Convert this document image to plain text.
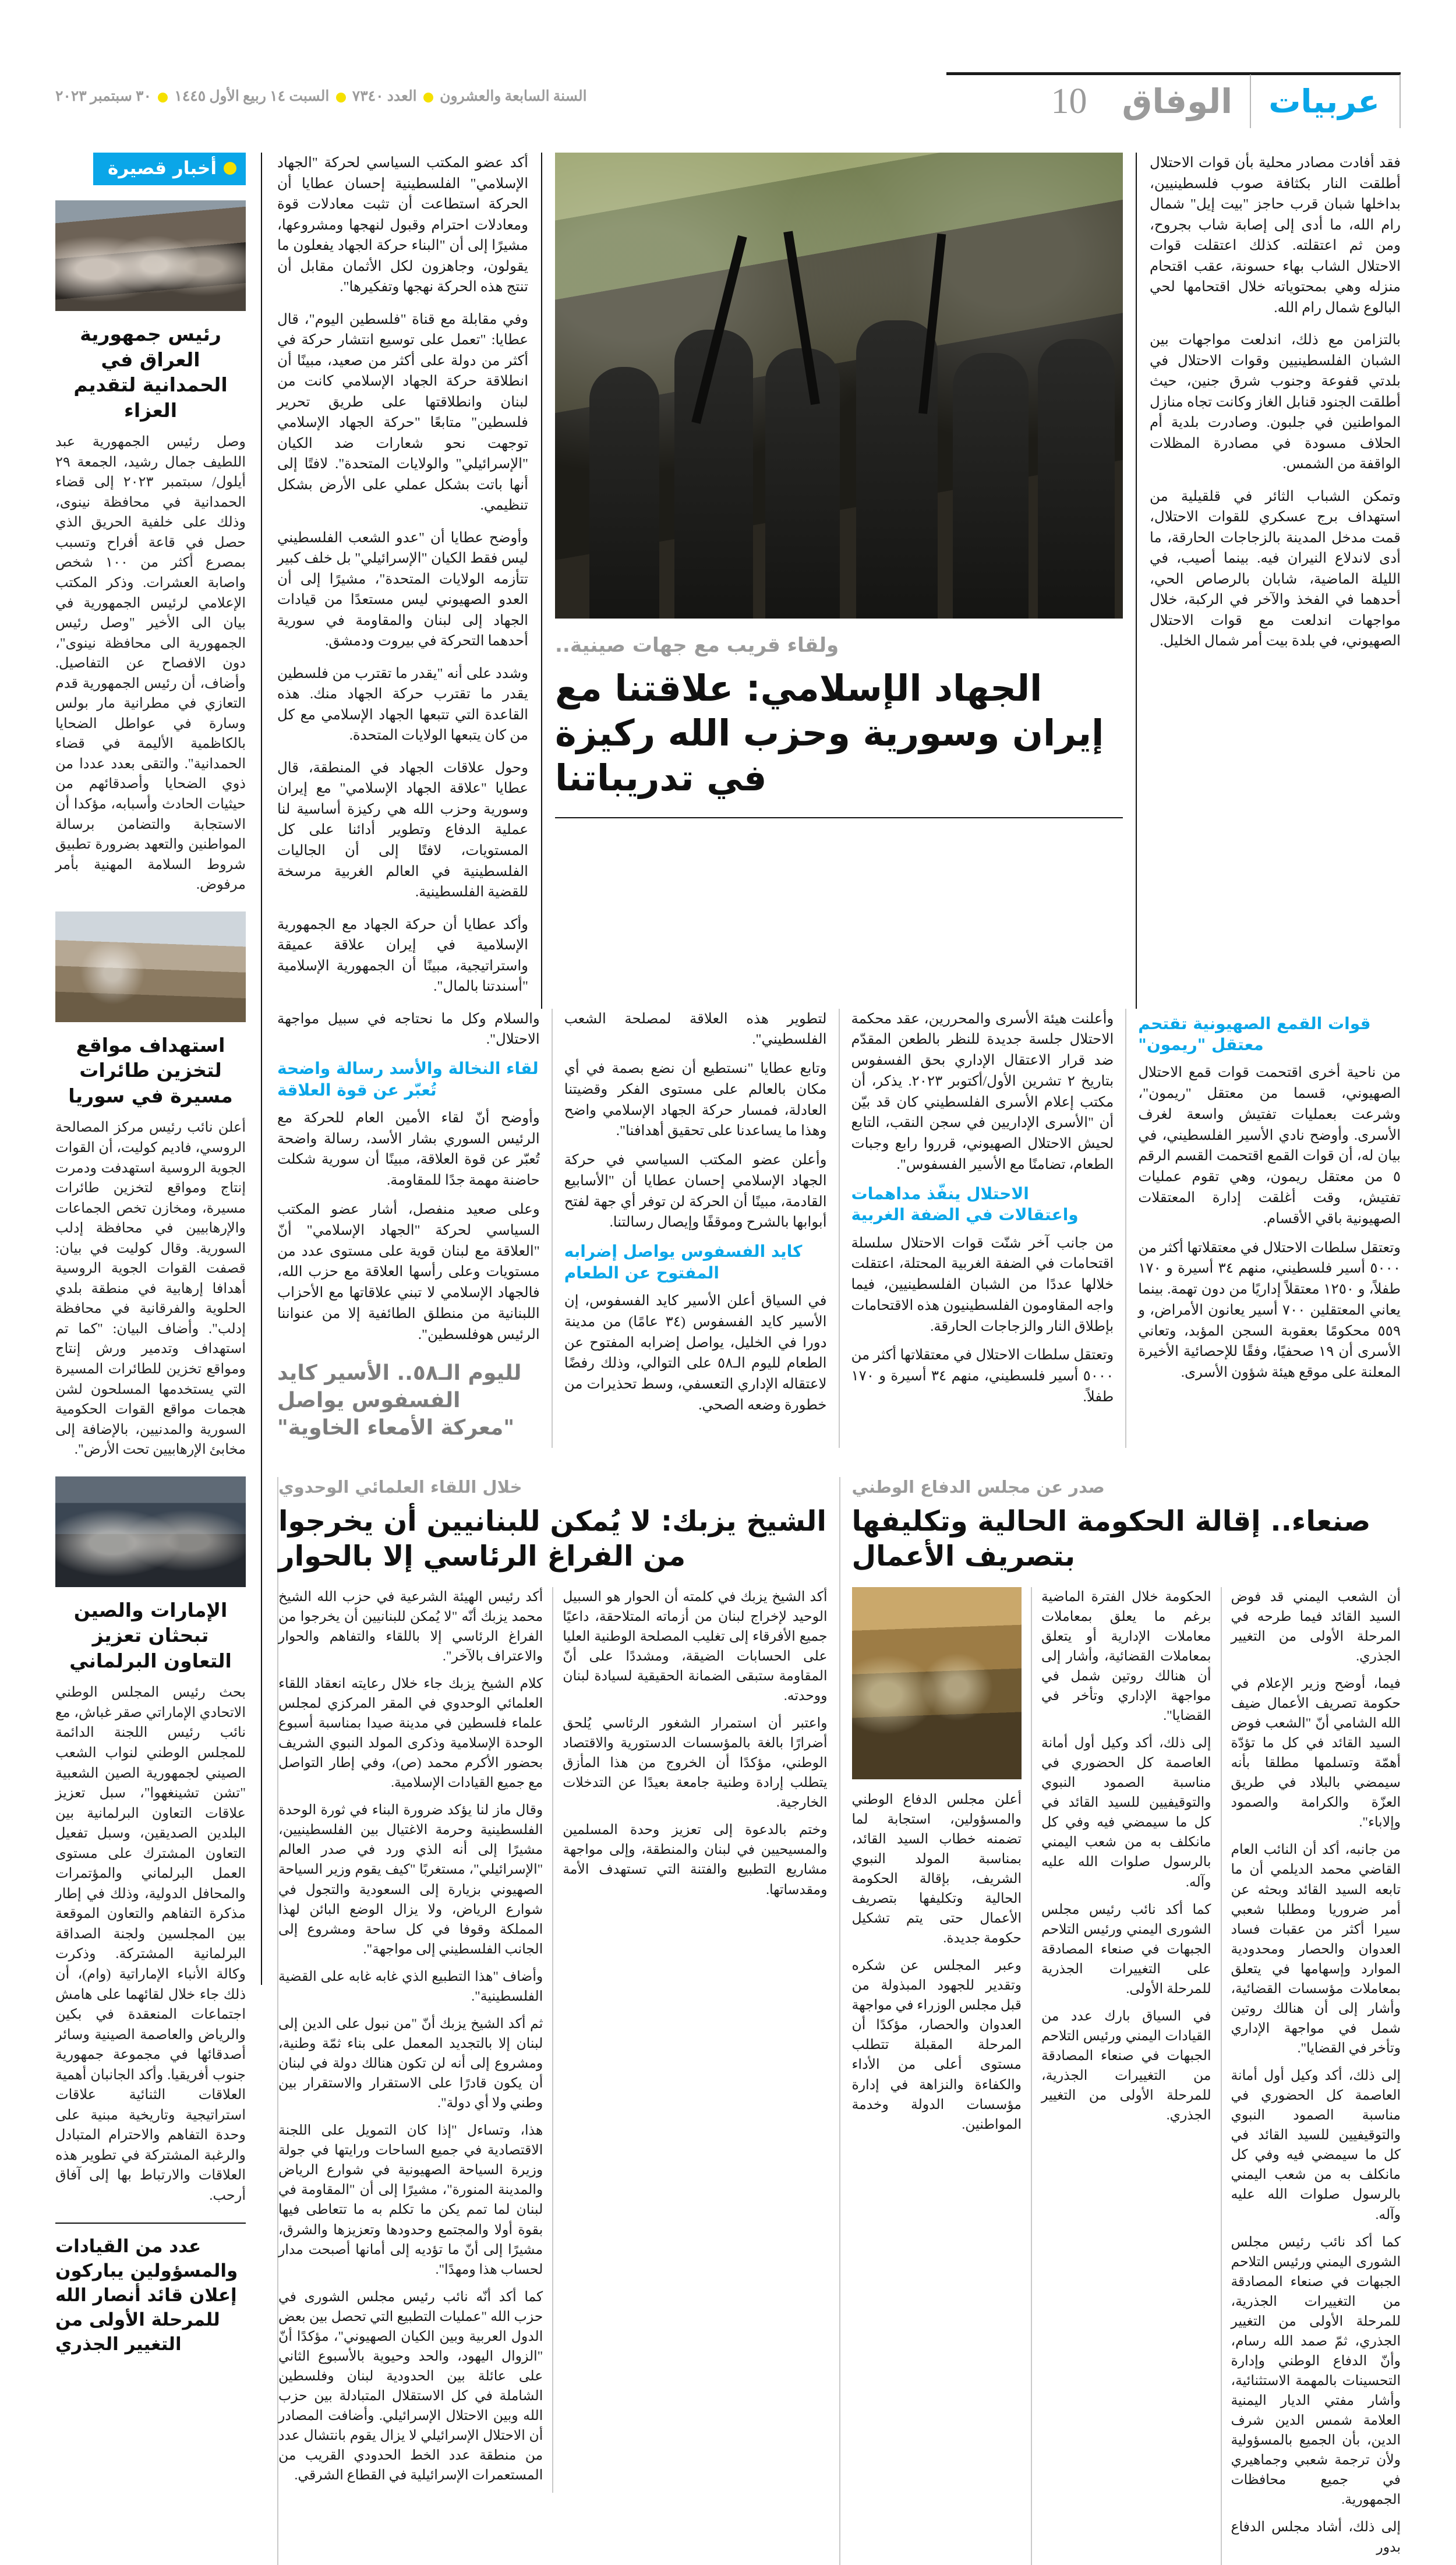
السنة السابعة والعشرون  العدد ٧٣٤٠  السبت ١٤ ربيع الأول ١٤٤٥  ٣٠ سبتمبر ٢٠٢٣	عربيات
الوفاق
10

فقد أفادت مصادر محلية بأن قوات الاحتلال أطلقت النار بكثافة صوب فلسطينيين، بداخلها شبان قرب حاجز "بيت إيل" شمال رام الله، ما أدى إلى إصابة شاب بجروح، ومن ثم اعتقلته. كذلك اعتقلت قوات الاحتلال الشاب بهاء حسونة، عقب اقتحام منزله وهي بمحتوياته خلال اقتحامها لحي البالوع شمال رام الله.

بالتزامن مع ذلك، اندلعت مواجهات بين الشبان الفلسطينيين وقوات الاحتلال في بلدتي قفوعة وجنوب شرق جنين، حيث أطلقت الجنود قنابل الغاز وكانت تجاه منازل المواطنين في جلبون. وصادرت بلدية أم الحلاف مسودة في مصادرة المظلات الواقفة من الشمس.

وتمكن الشباب الثائر في قلقيلية من استهداف برج عسكري للقوات الاحتلال، قمت مدخل المدينة بالزجاجات الحارقة، ما أدى لاندلاع النيران فيه. بينما أصيب، في الليلة الماضية، شابان بالرصاص الحي، أحدهما في الفخذ والآخر في الركبة، خلال مواجهات اندلعت مع قوات الاحتلال الصهيوني، في بلدة بيت أمر شمال الخليل.

ولقاء قريب مع جهات صينية..
الجهاد الإسلامي: علاقتنا مع إيران وسورية وحزب الله ركيزة في تدريباتنا

أكد عضو المكتب السياسي لحركة "الجهاد الإسلامي" الفلسطينية إحسان عطايا أن الحركة استطاعت أن تثبت معادلات قوة ومعادلات احترام وقبول لنهجها ومشروعها، مشيرًا إلى أن "البناء حركة الجهاد يفعلون ما يقولون، وجاهزون لكل الأثمان مقابل أن تنتج هذه الحركة نهجها وتفكيرها".

وفي مقابلة مع قناة "فلسطين اليوم"، قال عطايا: "تعمل على توسيع انتشار حركة في أكثر من دولة على أكثر من صعيد، مبينًا أن انطلاقة حركة الجهاد الإسلامي كانت من لبنان وانطلاقتها على طريق تحرير فلسطين" متابعًا "حركة الجهاد الإسلامي توجهت نحو شعارات ضد الكيان "الإسرائيلي" والولايات المتحدة". لافتًا إلى أنها باتت بشكل عملي على الأرض بشكل تنظيمي.

وأوضح عطايا أن "عدو الشعب الفلسطيني ليس فقط الكيان "الإسرائيلي" بل خلف كبير تتأزمه الولايات المتحدة"، مشيرًا إلى أن العدو الصهيوني ليس مستعدًا من قيادات الجهاد إلى لبنان والمقاومة في سورية أحدهما التحركة في بيروت ودمشق.

وشدد على أنه "يقدر ما تقترب من فلسطين يقدر ما تقترب حركة الجهاد منك. هذه القاعدة التي تتبعها الجهاد الإسلامي مع كل من كان يتبعها الولايات المتحدة.

وحول علاقات الجهاد في المنطقة، قال عطايا "علاقة الجهاد الإسلامي" مع إيران وسورية وحزب الله هي ركيزة أساسية لنا عملية الدفاع وتطوير أدائنا على كل المستويات، لافتًا إلى أن الجاليات الفلسطينية في العالم الغربية مرسخة للقضية الفلسطينية.

وأكد عطايا أن حركة الجهاد مع الجمهورية الإسلامية في إيران علاقة عميقة واستراتيجية، مبينًا أن الجمهورية الإسلامية "أسندتنا بالمال".

قوات القمع الصهيونية تقتحم معتقل "ريمون"

من ناحية أخرى اقتحمت قوات قمع الاحتلال الصهيوني، قسما من معتقل "ريمون"، وشرعت بعمليات تفتيش واسعة لغرف الأسرى. وأوضح نادي الأسير الفلسطيني، في بيان له، أن قوات القمع اقتحمت القسم الرقم ٥ من معتقل ريمون، وهي تقوم عمليات تفتيش، وقت أغلقت إدارة المعتقلات الصهيونية باقي الأقسام.

وتعتقل سلطات الاحتلال في معتقلاتها أكثر من ٥٠٠٠ أسير فلسطيني، منهم ٣٤ أسيرة و ١٧٠ طفلاً، و ١٢٥٠ معتقلاً إداريًا من دون تهمة. بينما يعاني المعتقلين ٧٠٠ أسير يعانون الأمراض، و ٥٥٩ محكومًا بعقوبة السجن المؤبد، وتعاني الأسرى أن ١٩ صحفيًا، وفقًا للإحصائية الأخيرة المعلنة على موقع هيئة شؤون الأسرى.

وأعلنت هيئة الأسرى والمحررين، عقد محكمة الاحتلال جلسة جديدة للنظر بالطعن المقدّم ضد قرار الاعتقال الإداري بحق الفسفوس بتاريخ ٢ تشرين الأول/أكتوبر ٢٠٢٣. يذكر، أن مكتب إعلام الأسرى الفلسطيني كان قد بيّن أن "الأسرى الإداريين في سجن النقب، التابع لحيش الاحتلال الصهيوني، قرروا رابع وجبات الطعام، تضامنًا مع الأسير الفسفوس".

الاحتلال ينفّذ مداهمات واعتقالات في الضفة الغربية

من جانب آخر شنّت قوات الاحتلال سلسلة اقتحامات في الضفة الغربية المحتلة، اعتقلت خلالها عددًا من الشبان الفلسطينيين، فيما واجه المقاومون الفلسطينيون هذه الاقتحامات بإطلاق النار والزجاجات الحارقة.

وتعتقل سلطات الاحتلال في معتقلاتها أكثر من ٥٠٠٠ أسير فلسطيني، منهم ٣٤ أسيرة و ١٧٠ طفلاً.

لتطوير هذه العلاقة لمصلحة الشعب الفلسطيني".

وتابع عطايا "نستطيع أن نضع بصمة في أي مكان بالعالم على مستوى الفكر وقضيتنا العادلة، فمسار حركة الجهاد الإسلامي واضح وهذا ما يساعدنا على تحقيق أهدافنا".

وأعلن عضو المكتب السياسي في حركة الجهاد الإسلامي إحسان عطايا أن "الأسابيع القادمة، مبينًا أن الحركة لن توفر أي جهة لفتح أبوابها بالشرح وموقفًا وإيصال رسالتنا.

كايد الفسفوس يواصل إضرابه المفتوح عن الطعام

في السياق أعلن الأسير كايد الفسفوس، إن الأسير كايد الفسفوس (٣٤ عامًا) من مدينة دورا في الخليل، يواصل إضرابه المفتوح عن الطعام لليوم الـ٥٨ على التوالي، وذلك رفضًا لاعتقاله الإداري التعسفي، وسط تحذيرات من خطورة وضعه الصحي.

والسلام وكل ما نحتاجه في سبيل مواجهة الاحتلال".

لقاء النخالة والأسد رسالة واضحة تُعبّر عن قوة العلاقة

وأوضح أنّ لقاء الأمين العام للحركة مع الرئيس السوري بشار الأسد، رسالة واضحة تُعبّر عن قوة العلاقة، مبينًا أن سورية شكلت حاضنة مهمة جدًا للمقاومة.

وعلى صعيد منفصل، أشار عضو المكتب السياسي لحركة "الجهاد الإسلامي" أنّ "العلاقة مع لبنان قوية على مستوى عدد من مستويات وعلى رأسها العلاقة مع حزب الله، فالجهاد الإسلامي لا تبني علاقاتها مع الأحزاب اللبنانية من منطلق الطائفية إلا من عنواننا الرئيس هوفلسطين".

لليوم الـ٥٨.. الأسير كايد الفسفوس يواصل "معركة الأمعاء الخاوية"
صدر عن مجلس الدفاع الوطني
صنعاء.. إقالة الحكومة الحالية وتكليفها بتصريف الأعمال

أن الشعب اليمني قد فوض السيد القائد فيما طرحه في المرحلة الأولى من التغيير الجذري.

فيما، أوضح وزير الإعلام في حكومة تصريف الأعمال ضيف الله الشامي أنّ "الشعب فوض السيد القائد في كل ما تؤدّة أهمّة وتسلمها مطلقا بأنه سيمضي بالبلاد في طريق العزّة والكرامة والصمود وإلاباء".

من جانبه، أكد أن النائب العام القاضي محمد الديلمي أن ما تابعه السيد القائد وبحثه عن أمر ضروريا ومطلبا شعبي سيرا أكثر من عقبات فساد العدوان والحصار ومحدودية الموارد وإسهامها في يتعلق بمعاملات مؤسسات القضائية، وأشار إلى أن هنالك روتين شمل في مواجهة الإداري وتأخر في القضايا".

إلى ذلك، أكد وكيل أول أمانة العاصمة كل الحضوري في مناسبة الصمود النبوي والتوقيفيين للسيد القائد في كل ما سيمضي فيه وفي كل مانكلف به من شعب اليمني بالرسول صلوات الله عليه وآله.

كما أكد نائب رئيس مجلس الشورى اليمني ورئيس التلاحم الجبهات في صنعاء المصادقة من التغييرات الجذرية، للمرحلة الأولى من التغيير الجذري، ثمّ صمد الله رسام، وأنّ الدفاع الوطني وإدارة التحسينات بالمهمة الاستثنائية، وأشار مفتي الديار اليمنية العلامة شمس الدين شرف الدين، بأن الجميع بالمسؤولية ولأن ترجمة شعبي وجماهيري في جميع محافظات الجمهورية.

إلى ذلك، أشاد مجلس الدفاع بدور

الحكومة خلال الفترة الماضية برغم ما يعلق بمعاملات معاملات الإدارية أو يتعلق بمعاملات القضائية، وأشار إلى أن هنالك روتين شمل في مواجهة الإداري وتأخر في القضايا".

إلى ذلك، أكد وكيل أول أمانة العاصمة كل الحضوري في مناسبة الصمود النبوي والتوقيفيين للسيد القائد في كل ما سيمضي فيه وفي كل مانكلف به من شعب اليمني بالرسول صلوات الله عليه وآله.

كما أكد نائب رئيس مجلس الشورى اليمني ورئيس التلاحم الجبهات في صنعاء المصادقة على التغييرات الجذرية للمرحلة الأولى.

في السياق بارك عدد من القيادات اليمني ورئيس التلاحم الجبهات في صنعاء المصادقة من التغييرات الجذرية، للمرحلة الأولى من التغيير الجذري.

أعلن مجلس الدفاع الوطني والمسؤولين، استجابة لما تضمنه خطاب السيد القائد، بمناسبة المولد النبوي الشريف، بإقالة الحكومة الحالية وتكليفها بتصريف الأعمال حتى يتم تشكيل حكومة جديدة.

وعبر المجلس عن شكره وتقدير للجهود المبذولة من قبل مجلس الوزراء في مواجهة العدوان والحصار، مؤكدًا أن المرحلة المقبلة تتطلب مستوى أعلى من الأداء والكفاءة والنزاهة في إدارة مؤسسات الدولة وخدمة المواطنين.

خلال اللقاء العلمائي الوحدوي
الشيخ يزبك: لا يُمكن للبنانيين أن يخرجوا من الفراغ الرئاسي إلا بالحوار

أكد الشيخ يزبك في كلمته أن الحوار هو السبيل الوحيد لإخراج لبنان من أزماته المتلاحقة، داعيًا جميع الأفرقاء إلى تغليب المصلحة الوطنية العليا على الحسابات الضيقة، ومشددًا على أنّ المقاومة ستبقى الضمانة الحقيقية لسيادة لبنان ووحدته.

واعتبر أن استمرار الشغور الرئاسي يُلحق أضرارًا بالغة بالمؤسسات الدستورية والاقتصاد الوطني، مؤكدًا أن الخروج من هذا المأزق يتطلب إرادة وطنية جامعة بعيدًا عن التدخلات الخارجية.

وختم بالدعوة إلى تعزيز وحدة المسلمين والمسيحيين في لبنان والمنطقة، وإلى مواجهة مشاريع التطبيع والفتنة التي تستهدف الأمة ومقدساتها.

أكد رئيس الهيئة الشرعية في حزب الله الشيخ محمد يزبك أنّه "لا يُمكن للبنانيين أن يخرجوا من الفراغ الرئاسي إلا باللقاء والتفاهم والحوار والاعتراف بالآخر".

كلام الشيخ يزبك جاء خلال رعايته انعقاد اللقاء العلمائي الوحدوي في المقر المركزي لمجلس علماء فلسطين في مدينة صيدا بمناسبة أسبوع الوحدة الإسلامية وذكرى المولد النبوي الشريف بحضور الأكرم محمد (ص)، وفي إطار التواصل مع جميع القيادات الإسلامية.

وقال ماز لنا يؤكد ضرورة البناء في ثورة الوحدة الفلسطينية وحرمة الاغتيال بين الفلسطينيين، مشيرًا إلى أنه الذي ورد في صدر العالم "الإسرائيلي"، مستغربًا "كيف يقوم وزير السياحة الصهيوني بزيارة إلى السعودية والتجول في شوارع الرياض، ولا يزال الوضع البائن لهذا المملكة وقوفا في كل ساحة ومشروع إلى الجانب الفلسطيني إلى مواجهة".

وأضاف "هذا التطبيع الذي غابه غابه على القضية الفلسطينية".

ثم أكد الشيخ يزبك أنّ "من نبول على الدين إلى لبنان إلا بالتجديد المعمل على بناء ثمّة وطنية، ومشروع إلى أنه لن تكون هنالك دولة في لبنان أن يكون قادرًا على الاستقرار والاستقرار بين وطني ولا أي دولة".

هذا، وتساءل "إذا كان التمويل على اللجنة الاقتصادية في جميع الساحات ورايتها في جولة وزيرة السياحة الصهيونية في شوارع الرياض والمدينة المنورة"، مشيرًا إلى أن "المقاومة في لبنان لما تمم يكن ما تكلم به ما تتعاطى فيها بقوة أولا والمجتمع وحدودها وتعزيزها والشرق، مشيرًا إلى أنّ ما تؤديه إلى أمانها أصبحت مدار لحساب هذا ومهدًا".

كما أكد أنّه نائب رئيس مجلس الشورى في حزب الله "عمليات التطبيع التي تحصل بين بعض الدول العربية وبين الكيان الصهيوني"، مؤكدًا أنّ "الزوال اليهود، والحد وحيوية بالأسبوع الثاني على عائلة بين الحدودية لبنان وفلسطين الشاملة في كل الاستقلال المتبادلة بين حزب الله وبين الاحتلال الإسرائيلي. وأضافت المصادر أن الاحتلال الإسرائيلي لا يزال يقوم بانتشال عدد من منطقة عدد الخط الحدودي القريب من المستعمرات الإسرائيلية في القطاع الشرقي.

أخبار قصيرة
رئيس جمهورية العراق في الحمدانية لتقديم العزاء

وصل رئيس الجمهورية عبد اللطيف جمال رشيد، الجمعة ٢٩ أيلول/ سبتمبر ٢٠٢٣ إلى قضاء الحمدانية في محافظة نينوى، وذلك على خلفية الحريق الذي حصل في قاعة أفراح وتسبب بمصرع أكثر من ١٠٠ شخص واصابة العشرات. وذكر المكتب الإعلامي لرئيس الجمهورية في بيان الى الأخير "وصل رئيس الجمهورية الى محافظة نينوى"، دون الافصاح عن التفاصيل. وأضاف، أن رئيس الجمهورية قدم التعازي في مطرانية مار بولس وسارة في عواطل الضحايا بالكاظمية الأليمة في قضاء الحمدانية". والتقى بعدد عددا من ذوي الضحايا وأصدقائهم من حيثيات الحادث وأسبابه، مؤكدا أن الاستجابة والتضامن برسالة المواطنين والتعهد بضرورة تطبيق شروط السلامة المهنية بأمر مرفوض.

استهداف مواقع لتخزين طائرات مسيرة في سوريا

أعلن نائب رئيس مركز المصالحة الروسي، فاديم كوليت، أن القوات الجوية الروسية استهدفت ودمرت إنتاج ومواقع لتخزين طائرات مسيرة، ومخازن تخص الجماعات والإرهابيين في محافظة إدلب السورية. وقال كوليت في بيان: قصفت القوات الجوية الروسية أهدافا إرهابية في منطقة بلدي الحلوية والفرقانية في محافظة إدلب". وأضاف البيان: "كما تم استهداف وتدمير ورش إنتاج ومواقع تخزين للطائرات المسيرة التي يستخدمها المسلحون لشن هجمات مواقع القوات الحكومية السورية والمدنيين، بالإضافة إلى مخابئ الإرهابيين تحت الأرض".

الإمارات والصين تبحثان تعزيز التعاون البرلماني

بحث رئيس المجلس الوطني الاتحادي الإماراتي صقر غباش، مع نائب رئيس اللجنة الدائمة للمجلس الوطني لنواب الشعب الصيني لجمهورية الصين الشعبية "تشن تشينغهوا"، سبل تعزيز علاقات التعاون البرلمانية بين البلدين الصديقين، وسبل تفعيل التعاون المشترك على مستوى العمل البرلماني والمؤتمرات والمحافل الدولية، وذلك في إطار مذكرة التفاهم والتعاون الموقعة بين المجلسين ولجنة الصداقة البرلمانية المشتركة. وذكرت وكالة الأنباء الإماراتية (وام)، أن ذلك جاء خلال لقائهما على هامش اجتماعات المنعقدة في بكين والرياض والعاصمة الصينية وسائر أصدقائها في مجموعة جمهورية جنوب أفريقيا. وأكد الجانبان أهمية العلاقات الثنائية علاقات استراتيجية وتاريخية مبنية على وحدة التفاهم والاحترام المتبادل والرغبة المشتركة في تطوير هذه العلاقات والارتباط بها إلى آفاق أرحب.

عدد من القيادات والمسؤولين يباركون إعلان قائد أنصار الله للمرحلة الأولى من التغيير الجذري
